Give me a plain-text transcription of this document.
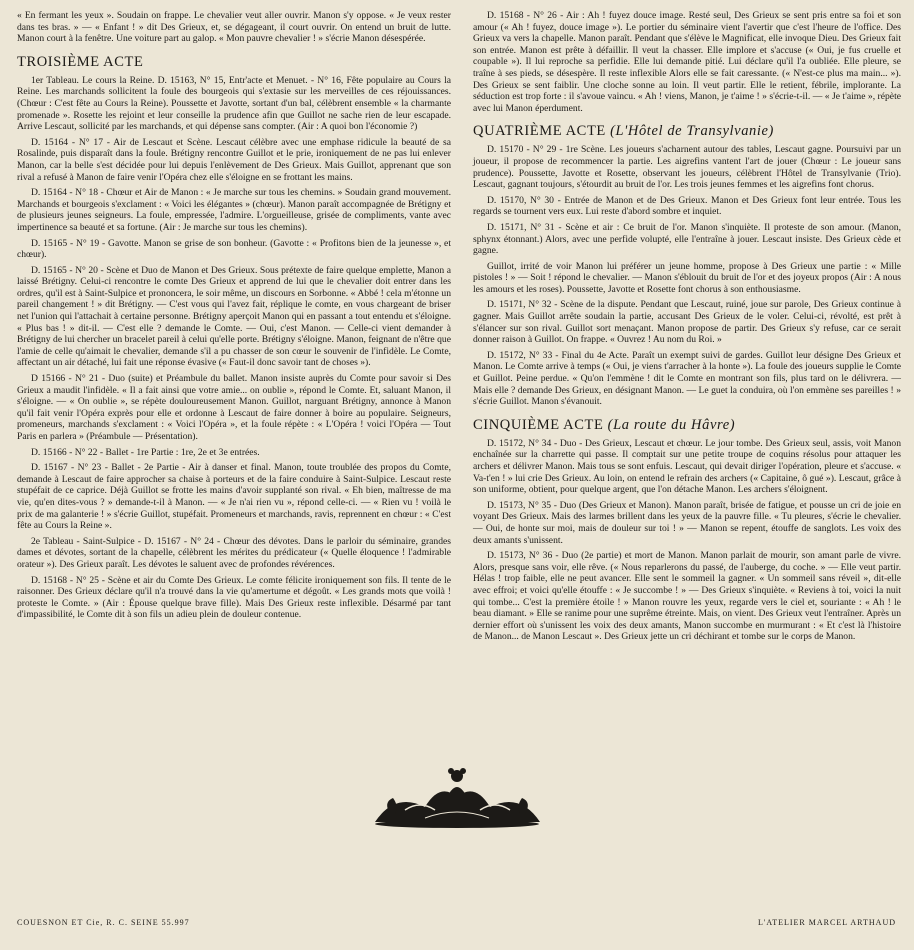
« En fermant les yeux ». Soudain on frappe. Le chevalier veut aller ouvrir. Manon s'y oppose. « Je veux rester dans tes bras. » — « Enfant ! » dit Des Grieux, et, se dégageant, il court ouvrir. On entend un bruit de lutte. Manon court à la fenêtre. Une voiture part au galop. « Mon pauvre chevalier ! » s'écrie Manon désespérée.

TROISIÈME ACTE

1er Tableau. Le cours la Reine. D. 15163, N° 15, Entr'acte et Menuet. - N° 16, Fête populaire au Cours la Reine. Les marchands sollicitent la foule des bourgeois qui s'extasie sur les merveilles de ces réjouissances. (Chœur : C'est fête au Cours la Reine). Poussette et Javotte, sortant d'un bal, célèbrent ensemble « la charmante promenade ». Rosette les rejoint et leur conseille la prudence afin que Guillot ne sache rien de leur escapade. Arrive Lescaut, sollicité par les marchands, et qui dépense sans compter. (Air : A quoi bon l'économie ?)

D. 15164 - N° 17 - Air de Lescaut et Scène. Lescaut célèbre avec une emphase ridicule la beauté de sa Rosalinde, puis disparaît dans la foule. Brétigny rencontre Guillot et le prie, ironiquement de ne pas lui enlever Manon, car la belle s'est décidée pour lui depuis l'enlèvement de Des Grieux. Mais Guillot, apprenant que son rival a refusé à Manon de faire venir l'Opéra chez elle s'éloigne en se frottant les mains.

D. 15164 - N° 18 - Chœur et Air de Manon : « Je marche sur tous les chemins. » Soudain grand mouvement. Marchands et bourgeois s'exclament : « Voici les élégantes » (chœur). Manon paraît accompagnée de Brétigny et de plusieurs jeunes seigneurs. La foule, empressée, l'admire. L'orgueilleuse, grisée de compliments, vante avec impertinence sa beauté et sa fortune. (Air : Je marche sur tous les chemins).

D. 15165 - N° 19 - Gavotte. Manon se grise de son bonheur. (Gavotte : « Profitons bien de la jeunesse », et chœur).

D. 15165 - N° 20 - Scène et Duo de Manon et Des Grieux. Sous prétexte de faire quelque emplette, Manon a laissé Brétigny. Celui-ci rencontre le comte Des Grieux et apprend de lui que le chevalier doit entrer dans les ordres, qu'il est à Saint-Sulpice et prononcera, le soir même, un discours en Sorbonne. « Abbé ! cela m'étonne un pareil changement ! » dit Brétigny. — C'est vous qui l'avez fait, réplique le comte, en vous chargeant de briser net l'union qui l'attachait à certaine personne. Brétigny aperçoit Manon qui en passant a tout entendu et s'éloigne. « Plus bas ! » dit-il. — C'est elle ? demande le Comte. — Oui, c'est Manon. — Celle-ci vient demander à Brétigny de lui chercher un bracelet pareil à celui qu'elle porte. Brétigny s'éloigne. Manon, feignant de n'être que l'amie de celle qu'aimait le chevalier, demande s'il a pu chasser de son cœur le souvenir de l'infidèle. Le Comte, affectant un air détaché, lui fait une réponse évasive (« Faut-il donc savoir tant de choses »).

D 15166 - N° 21 - Duo (suite) et Préambule du ballet. Manon insiste auprès du Comte pour savoir si Des Grieux a maudit l'infidèle. « Il a fait ainsi que votre amie... on oublie », répond le Comte. Et, saluant Manon, il s'éloigne. — « On oublie », se répète douloureusement Manon. Guillot, narguant Brétigny, annonce à Manon qu'il fait venir l'Opéra exprès pour elle et ordonne à Lescaut de faire donner à boire au populaire. Seigneurs, promeneurs, marchands s'exclament : « Voici l'Opéra », et la foule répète : « L'Opéra ! voici l'Opéra — Tout Paris en parlera » (Préambule — Présentation).

D. 15166 - N° 22 - Ballet - 1re Partie : 1re, 2e et 3e entrées.

D. 15167 - N° 23 - Ballet - 2e Partie - Air à danser et final. Manon, toute troublée des propos du Comte, demande à Lescaut de faire approcher sa chaise à porteurs et de la faire conduire à Saint-Sulpice. Lescaut reste stupéfait de ce caprice. Déjà Guillot se frotte les mains d'avoir supplanté son rival. « Eh bien, maîtresse de ma vie, qu'en dites-vous ? » demande-t-il à Manon. — « Je n'ai rien vu », répond celle-ci. — « Rien vu ! voilà le prix de ma galanterie ! » s'écrie Guillot, stupéfait. Promeneurs et marchands, ravis, reprennent en chœur : « C'est fête au Cours la Reine ».

2e Tableau - Saint-Sulpice - D. 15167 - N° 24 - Chœur des dévotes. Dans le parloir du séminaire, grandes dames et dévotes, sortant de la chapelle, célèbrent les mérites du prédicateur (« Quelle éloquence ! l'admirable orateur »). Des Grieux paraît. Les dévotes le saluent avec de profondes révérences.

D. 15168 - N° 25 - Scène et air du Comte Des Grieux. Le comte félicite ironiquement son fils. Il tente de le raisonner. Des Grieux déclare qu'il n'a trouvé dans la vie qu'amertume et dégoût. « Les grands mots que voilà ! proteste le Comte. » (Air : Épouse quelque brave fille). Mais Des Grieux reste inflexible. Désarmé par tant d'impassibilité, le Comte dit à son fils un adieu plein de douleur contenue.

D. 15168 - N° 26 - Air : Ah ! fuyez douce image. Resté seul, Des Grieux se sent pris entre sa foi et son amour (« Ah ! fuyez, douce image »). Le portier du séminaire vient l'avertir que c'est l'heure de l'office. Des Grieux va vers la chapelle. Manon paraît. Pendant que s'élève le Magnificat, elle invoque Dieu. Des Grieux fait son entrée. Manon est prête à défaillir. Il veut la chasser. Elle implore et s'accuse (« Oui, je fus cruelle et coupable »). Il lui reproche sa perfidie. Elle lui demande pitié. Lui déclare qu'il l'a oubliée. Elle pleure, se traîne à ses pieds, se désespère. Il reste inflexible Alors elle se fait caressante. (« N'est-ce plus ma main... »). Des Grieux se sent faiblir. Une cloche sonne au loin. Il veut partir. Elle le retient, fébrile, implorante. La séduction est trop forte : il s'avoue vaincu. « Ah ! viens, Manon, je t'aime ! » s'écrie-t-il. — « Je t'aime », répète avec lui Manon éperdument.

QUATRIÈME ACTE (L'Hôtel de Transylvanie)

D. 15170 - N° 29 - 1re Scène. Les joueurs s'acharnent autour des tables, Lescaut gagne. Poursuivi par un joueur, il propose de recommencer la partie. Les aigrefins vantent l'art de jouer (Chœur : Le joueur sans prudence). Poussette, Javotte et Rosette, observant les joueurs, célèbrent l'Hôtel de Transylvanie (Trio). Lescaut, gagnant toujours, s'étourdit au bruit de l'or. Les trois jeunes femmes et les aigrefins font chorus.

D. 15170, N° 30 - Entrée de Manon et de Des Grieux. Manon et Des Grieux font leur entrée. Tous les regards se tournent vers eux. Lui reste d'abord sombre et inquiet.

D. 15171, N° 31 - Scène et air : Ce bruit de l'or. Manon s'inquiète. Il proteste de son amour. (Manon, sphynx étonnant.) Alors, avec une perfide volupté, elle l'entraîne à jouer. Lescaut insiste. Des Grieux cède et gagne.

Guillot, irrité de voir Manon lui préférer un jeune homme, propose à Des Grieux une partie : « Mille pistoles ! » — Soit ! répond le chevalier. — Manon s'éblouit du bruit de l'or et des joyeux propos (Air : A nous les amours et les roses). Poussette, Javotte et Rosette font chorus à son enthousiasme.

D. 15171, N° 32 - Scène de la dispute. Pendant que Lescaut, ruiné, joue sur parole, Des Grieux continue à gagner. Mais Guillot arrête soudain la partie, accusant Des Grieux de le voler. Celui-ci, révolté, est prêt à s'élancer sur son rival. Guillot sort menaçant. Manon propose de partir. Des Grieux s'y refuse, car ce serait donner raison à Guillot. On frappe. « Ouvrez ! Au nom du Roi. »

D. 15172, N° 33 - Final du 4e Acte. Paraît un exempt suivi de gardes. Guillot leur désigne Des Grieux et Manon. Le Comte arrive à temps (« Oui, je viens t'arracher à la honte »). La foule des joueurs supplie le Comte et Guillot. Peine perdue. « Qu'on l'emmène ! dit le Comte en montrant son fils, plus tard on le délivrera. — Mais elle ? demande Des Grieux, en désignant Manon. — Le guet la conduira, où l'on emmène ses pareilles ! » s'écrie Guillot. Manon s'évanouit.

CINQUIÈME ACTE (La route du Hâvre)

D. 15172, N° 34 - Duo - Des Grieux, Lescaut et chœur. Le jour tombe. Des Grieux seul, assis, voit Manon enchaînée sur la charrette qui passe. Il comptait sur une petite troupe de coquins résolus pour attaquer les archers et délivrer Manon. Mais tous se sont enfuis. Lescaut, qui devait diriger l'opération, pleure et s'accuse. « Va-t'en ! » lui crie Des Grieux. Au loin, on entend le refrain des archers (« Capitaine, ô gué »). Lescaut, grâce à son uniforme, obtient, pour quelque argent, que l'on détache Manon. Les archers s'éloignent.

D. 15173, N° 35 - Duo (Des Grieux et Manon). Manon paraît, brisée de fatigue, et pousse un cri de joie en voyant Des Grieux. Mais des larmes brillent dans les yeux de la pauvre fille. « Tu pleures, s'écrie le chevalier. — Oui, de honte sur moi, mais de douleur sur toi ! » — Manon se repent, étouffe de sanglots. Les voix des deux amants s'unissent.

D. 15173, N° 36 - Duo (2e partie) et mort de Manon. Manon parlait de mourir, son amant parle de vivre. Alors, presque sans voir, elle rêve. (« Nous reparlerons du passé, de l'auberge, du coche. » — Elle veut partir. Hélas ! trop faible, elle ne peut avancer. Elle sent le sommeil la gagner. « Un sommeil sans réveil », dit-elle avec effroi; et voici qu'elle étouffe : « Je succombe ! » — Des Grieux s'inquiète. « Reviens à toi, voici la nuit qui tombe... C'est la première étoile ! » Manon rouvre les yeux, regarde vers le ciel et, souriante : « Ah ! le beau diamant. » Elle se ranime pour une suprême étreinte. Mais, on vient. Des Grieux veut l'entraîner. Après un dernier effort où s'unissent les voix des deux amants, Manon succombe en murmurant : « Et c'est là l'histoire de Manon... de Manon Lescaut ». Des Grieux jette un cri déchirant et tombe sur le corps de Manon.

COUESNON ET Cie, R. C. SEINE 55.997	L'ATELIER MARCEL ARTHAUD
